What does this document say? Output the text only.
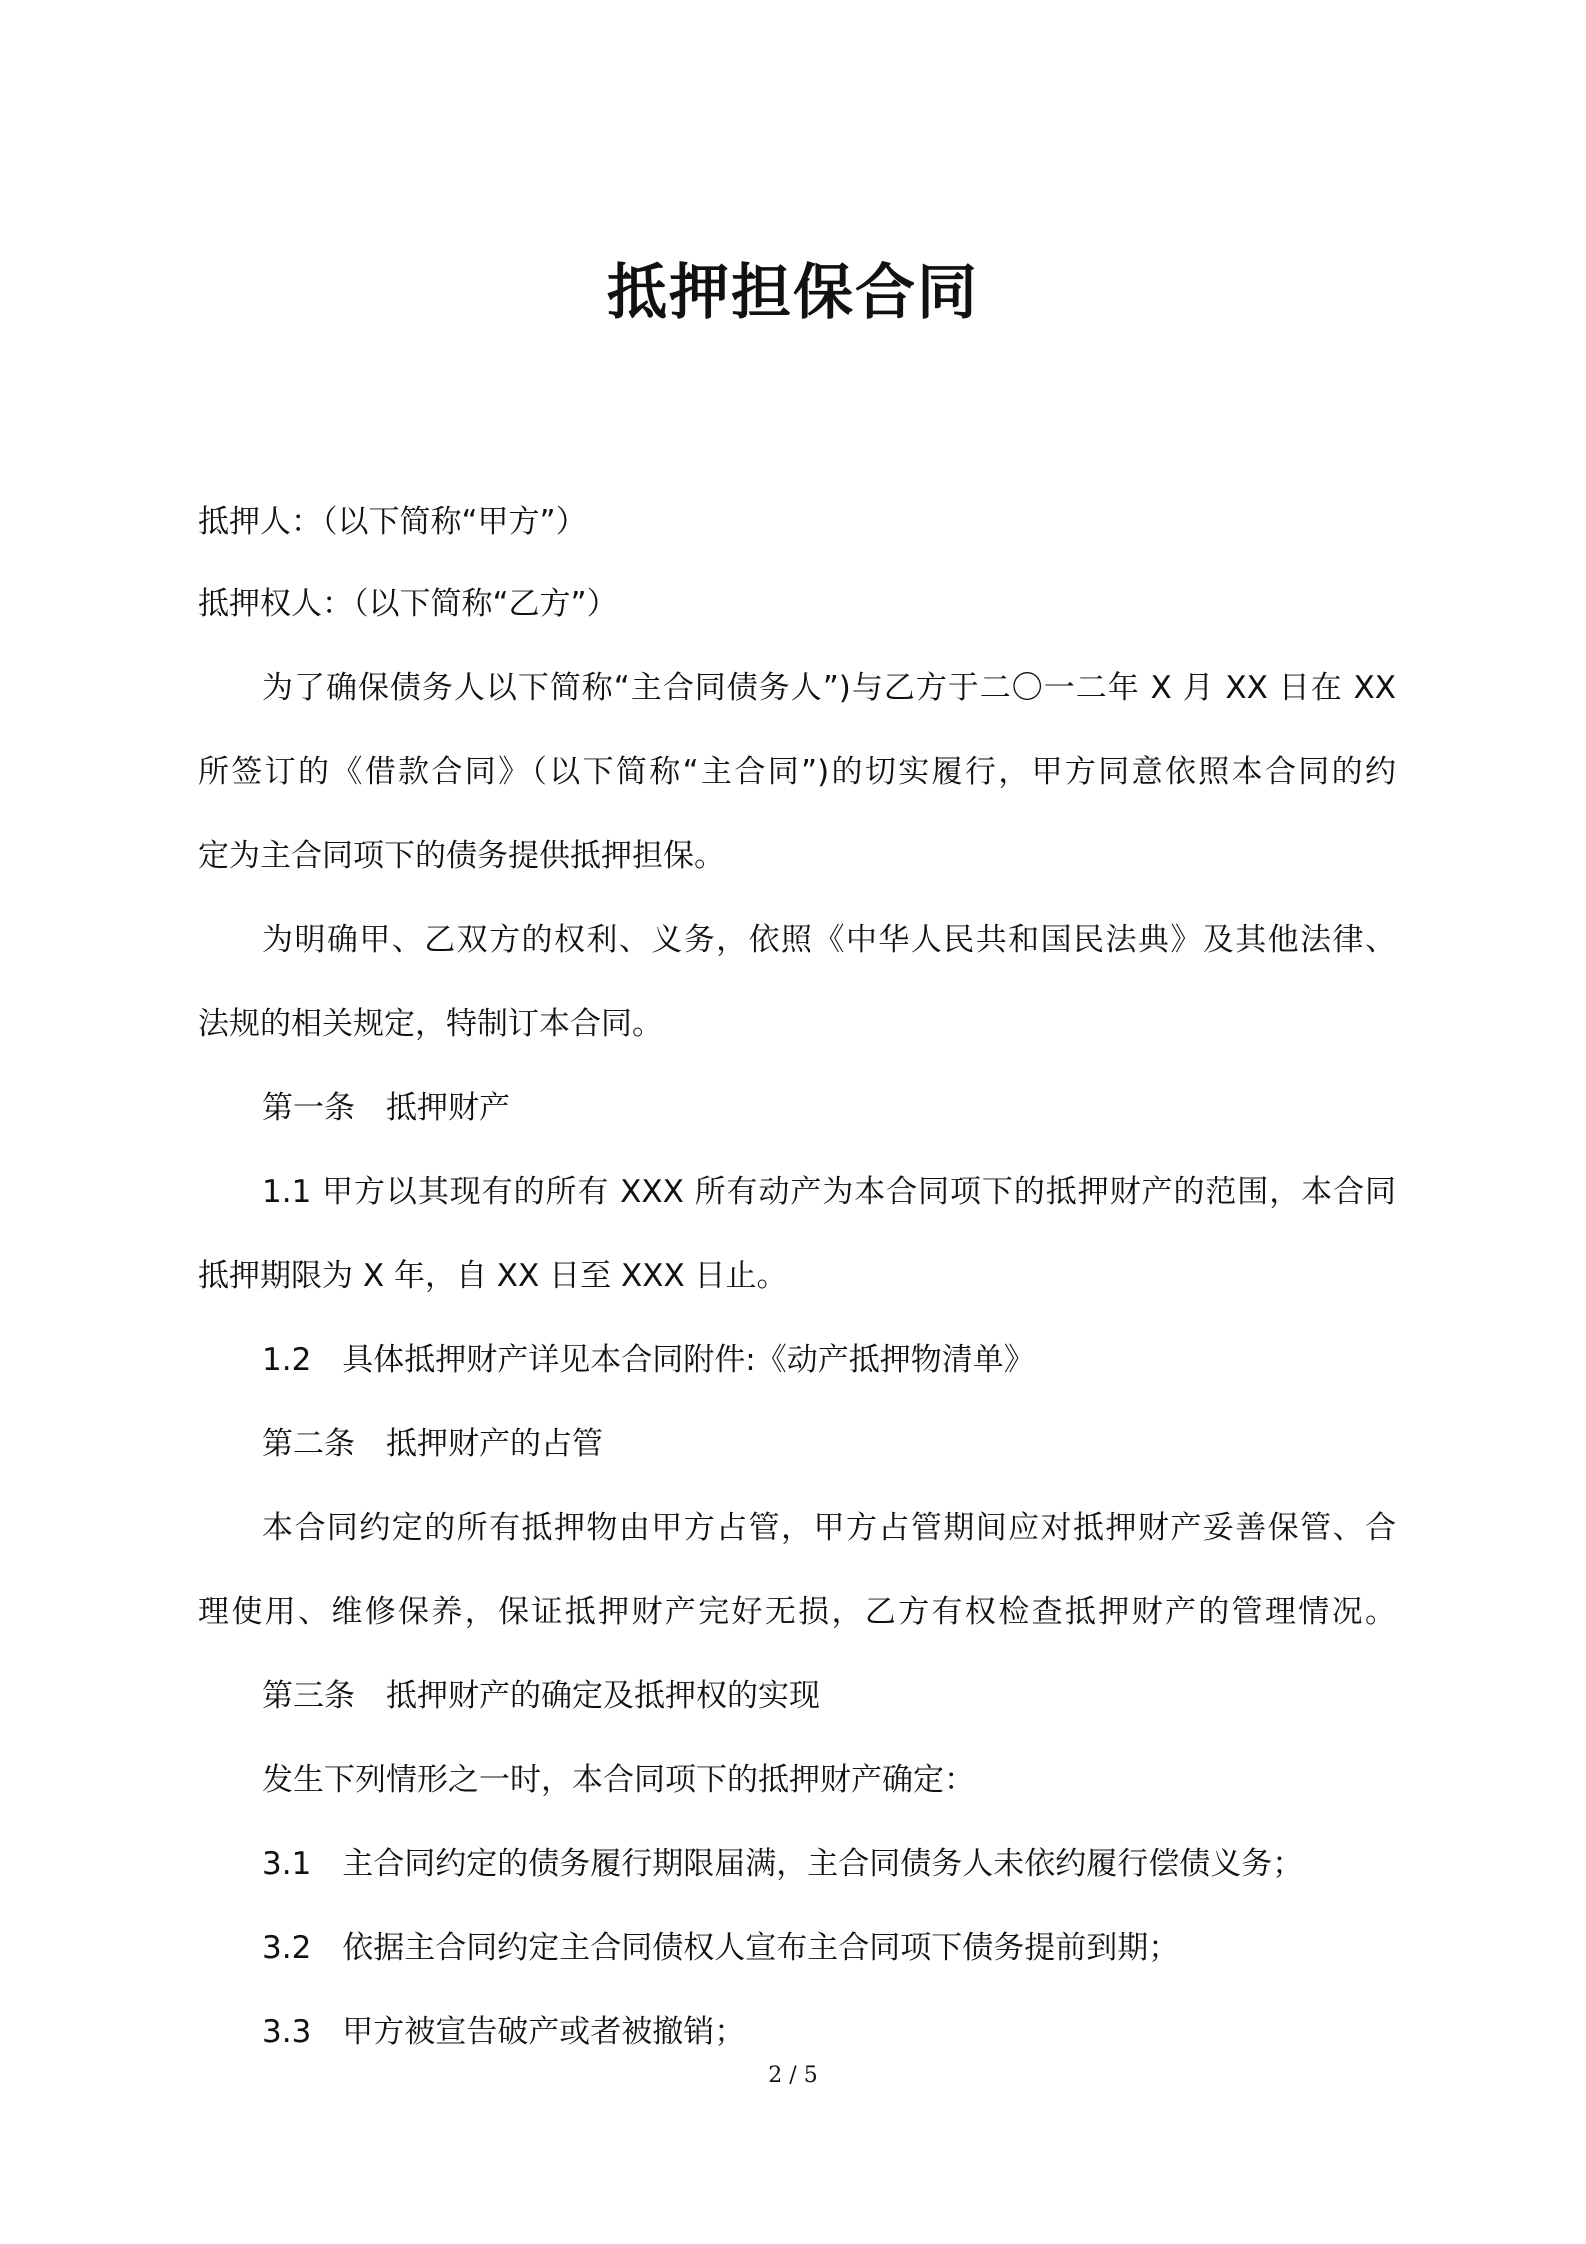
抵押担保合同
抵押人：（以下简称“甲方”）
抵押权人：（以下简称“乙方”）
为了确保债务人以下简称“主合同债务人”)与乙方于二〇一二年 X 月 XX 日在 XX
所签订的《借款合同》（以下简称“主合同”)的切实履行，甲方同意依照本合同的约
定为主合同项下的债务提供抵押担保。
为明确甲、乙双方的权利、义务，依照《中华人民共和国民法典》及其他法律、
法规的相关规定，特制订本合同。
第一条　抵押财产
1.1 甲方以其现有的所有 XXX 所有动产为本合同项下的抵押财产的范围，本合同
抵押期限为 X 年，自 XX 日至 XXX 日止。
1.2　具体抵押财产详见本合同附件:《动产抵押物清单》
第二条　抵押财产的占管
本合同约定的所有抵押物由甲方占管，甲方占管期间应对抵押财产妥善保管、合
理使用、维修保养，保证抵押财产完好无损，乙方有权检查抵押财产的管理情况。
第三条　抵押财产的确定及抵押权的实现
发生下列情形之一时，本合同项下的抵押财产确定：
3.1　主合同约定的债务履行期限届满，主合同债务人未依约履行偿债义务；
3.2　依据主合同约定主合同债权人宣布主合同项下债务提前到期；
3.3　甲方被宣告破产或者被撤销；
2 / 5
